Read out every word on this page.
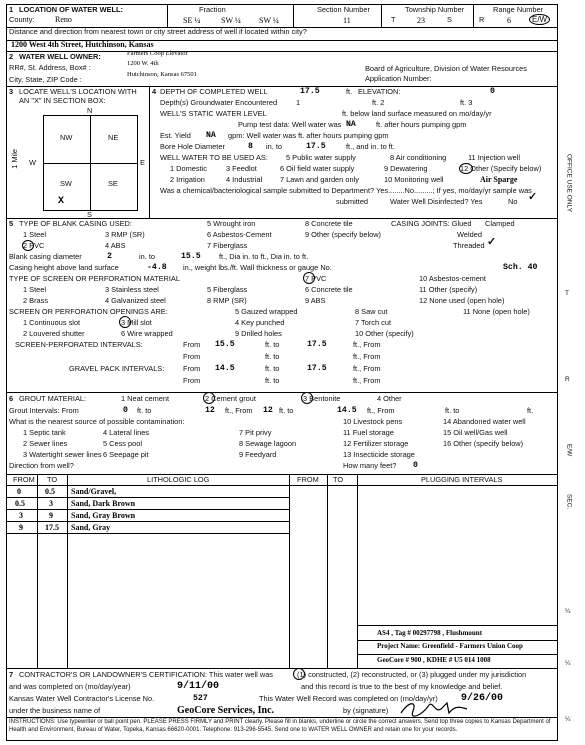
1 LOCATION OF WATER WELL:
County:	Reno
Fraction
SE ¼	SW ¼ SW ¼
Section Number
11
Township Number
T	23	S
Range Number
R	6	E/W
Distance and direction from nearest town or city street address of well if located within city?
1200 West 4th Street, Hutchinson, Kansas
2 WATER WELL OWNER:	Farmers Coop Elevator
RR#, St. Address, Box# :	1200 W. 4th
City, State, ZIP Code :
Hutchinson, Kansas 67501
Board of Agriculture, Division of Water Resources
Application Number:
3 LOCATE WELL'S LOCATION WITH AN "X" IN SECTION BOX:
N
NW	NE
SW	SE
X
W	E
S
1 Mile
4 DEPTH OF COMPLETED WELL	17.5	ft. ELEVATION:	0
Depth(s) Groundwater Encountered	1	ft. 2	ft. 3
WELL'S STATIC WATER LEVEL	ft. below land surface measured on mo/day/yr
Pump test data: Well water was NA	ft. after hours pumping gpm
Est. Yield NA gpm: Well water was ft. after hours pumping gpm
Bore Hole Diameter	8 in. to	17.5	ft., and in. to ft.
WELL WATER TO BE USED AS: 5 Public water supply	8 Air conditioning	11 Injection well
1 Domestic	3 Feedlot	6 Oil field water supply	9 Dewatering	12 Other (Specify below)
2 Irrigation	4 Industrial 7 Lawn and garden only	10 Monitoring well	Air Sparge
Was a chemical/bacteriological sample submitted to Department? Yes........No.........; If yes, mo/day/yr sample was
submitted	Water Well Disinfected? Yes	No ✓
5 TYPE OF BLANK CASING USED:	5 Wrought iron	8 Concrete tile	CASING JOINTS: Glued Clamped
1 Steel	3 RMP (SR)	6 Asbestos-Cement	9 Other (specify below)	Welded
2 PVC	4 ABS	7 Fiberglass	Threaded ✓
Blank casing diameter	2	in. to	15.5 ft., Dia in. to ft., Dia in. to ft.
Casing height above land surface	-4.8 in., weight lbs./ft. Wall thickness or gauge No.	Sch. 40
TYPE OF SCREEN OR PERFORATION MATERIAL	7 PVC	10 Asbestos-cement
1 Steel	3 Stainless steel	5 Fiberglass	6 Concrete tile	11 Other (specify)
2 Brass	4 Galvanized steel	8 RMP (SR)	9 ABS	12 None used (open hole)
SCREEN OR PERFORATION OPENINGS ARE:	5 Gauzed wrapped	8 Saw cut	11 None (open hole)
1 Continuous slot	3 Mill slot	4 Key punched	7 Torch cut
2 Louvered shutter	6 Wire wrapped	9 Drilled holes	10 Other (specify)
SCREEN-PERFORATED INTERVALS:	From 15.5	ft. to	17.5	ft., From
From	ft. to	ft., From
GRAVEL PACK INTERVALS:	From 14.5	ft. to	17.5	ft., From
From	ft. to	ft., From
6 GROUT MATERIAL:	1 Neat cement	2 Cement grout	3 Bentonite	4 Other
Grout Intervals: From	0 ft. to	12 ft., From 12 ft. to	14.5 ft., From	ft. to	ft.
What is the nearest source of possible contamination:
1 Septic tank	4 Lateral lines	7 Pit privy
10 Livestock pens	14 Abandoned water well
2 Sewer lines	5 Cess pool	8 Sewage lagoon
11 Fuel storage	15 Oil well/Gas well
3 Watertight sewer lines 6 Seepage pit	9 Feedyard
12 Fertilizer storage	16 Other (specify below)
13 Insecticide storage
Direction from well?	How many feet? 0
FROM TO	LITHOLOGIC LOG	FROM TO	PLUGGING INTERVALS
0	0.5 Sand/Gravel,
0.5	3 Sand, Dark Brown
3	9 Sand, Gray Brown
9	17.5 Sand, Gray
AS4 , Tag # 00297798 , Flushmount
Project Name: Greenfield - Farmers Union Coop
GeoCore # 900 , KDHE # U5 014 1008
7 CONTRACTOR'S OR LANDOWNER'S CERTIFICATION: This water well was	(1) constructed, (2) reconstructed, or (3) plugged under my jurisdiction
and was completed on (mo/day/year)	9/11/00	and this record is true to the best of my knowledge and belief.
Kansas Water Well Contractor's License No.	527	This Water Well Record was completed on (mo/day/yr) 9/26/00
under the business name of	GeoCore Services, Inc.	by (signature)
INSTRUCTIONS: Use typewriter or ball point pen. PLEASE PRESS FIRMLY and PRINT clearly. Please fill in blanks, underline or circle the correct answers. Send top three copies to Kansas Department of Health and Environment, Bureau of Water, Topeka, Kansas 66620-0001. Telephone: 913-296-5545. Send one to WATER WELL OWNER and retain one for your records.
OFFICE USE ONLY
T
R
E/W
SEC.
¼
¼
¼
